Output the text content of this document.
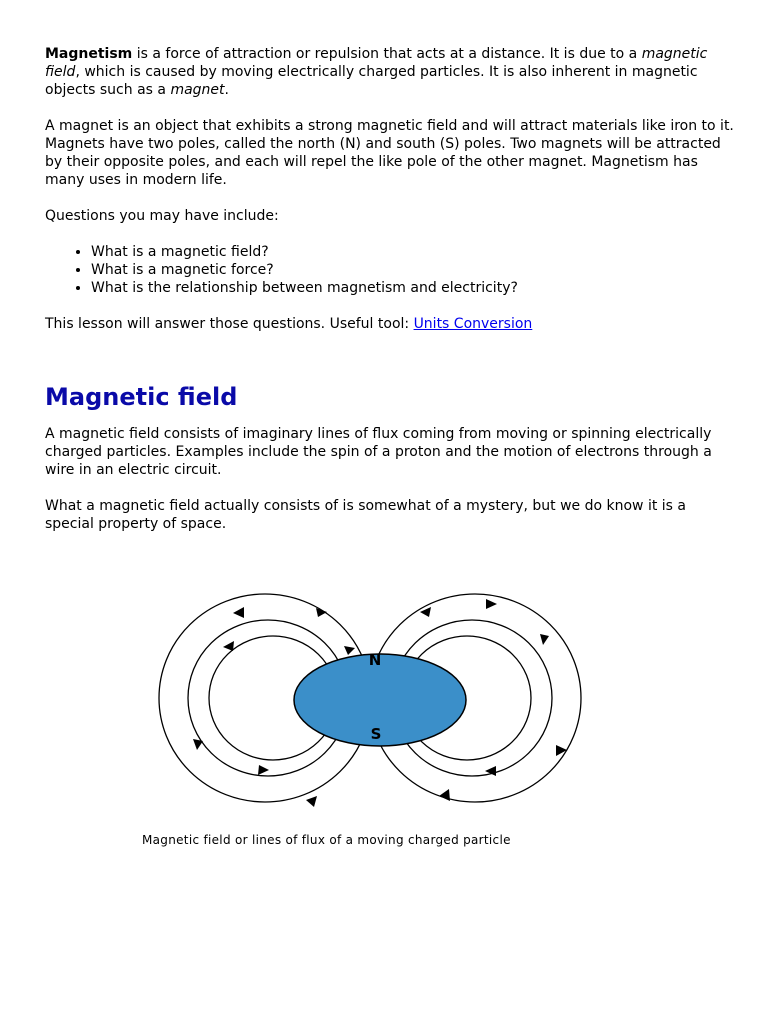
Magnetism is a force of attraction or repulsion that acts at a distance. It is due to a magnetic field, which is caused by moving electrically charged particles. It is also inherent in magnetic objects such as a magnet.

A magnet is an object that exhibits a strong magnetic field and will attract materials like iron to it. Magnets have two poles, called the north (N) and south (S) poles. Two magnets will be attracted by their opposite poles, and each will repel the like pole of the other magnet. Magnetism has many uses in modern life.

Questions you may have include:

• What is a magnetic field?
• What is a magnetic force?
• What is the relationship between magnetism and electricity?

This lesson will answer those questions. Useful tool: Units Conversion

Magnetic field

A magnetic field consists of imaginary lines of flux coming from moving or spinning electrically charged particles. Examples include the spin of a proton and the motion of electrons through a wire in an electric circuit.

What a magnetic field actually consists of is somewhat of a mystery, but we do know it is a special property of space.

N
S
Magnetic field or lines of flux of a moving charged particle
